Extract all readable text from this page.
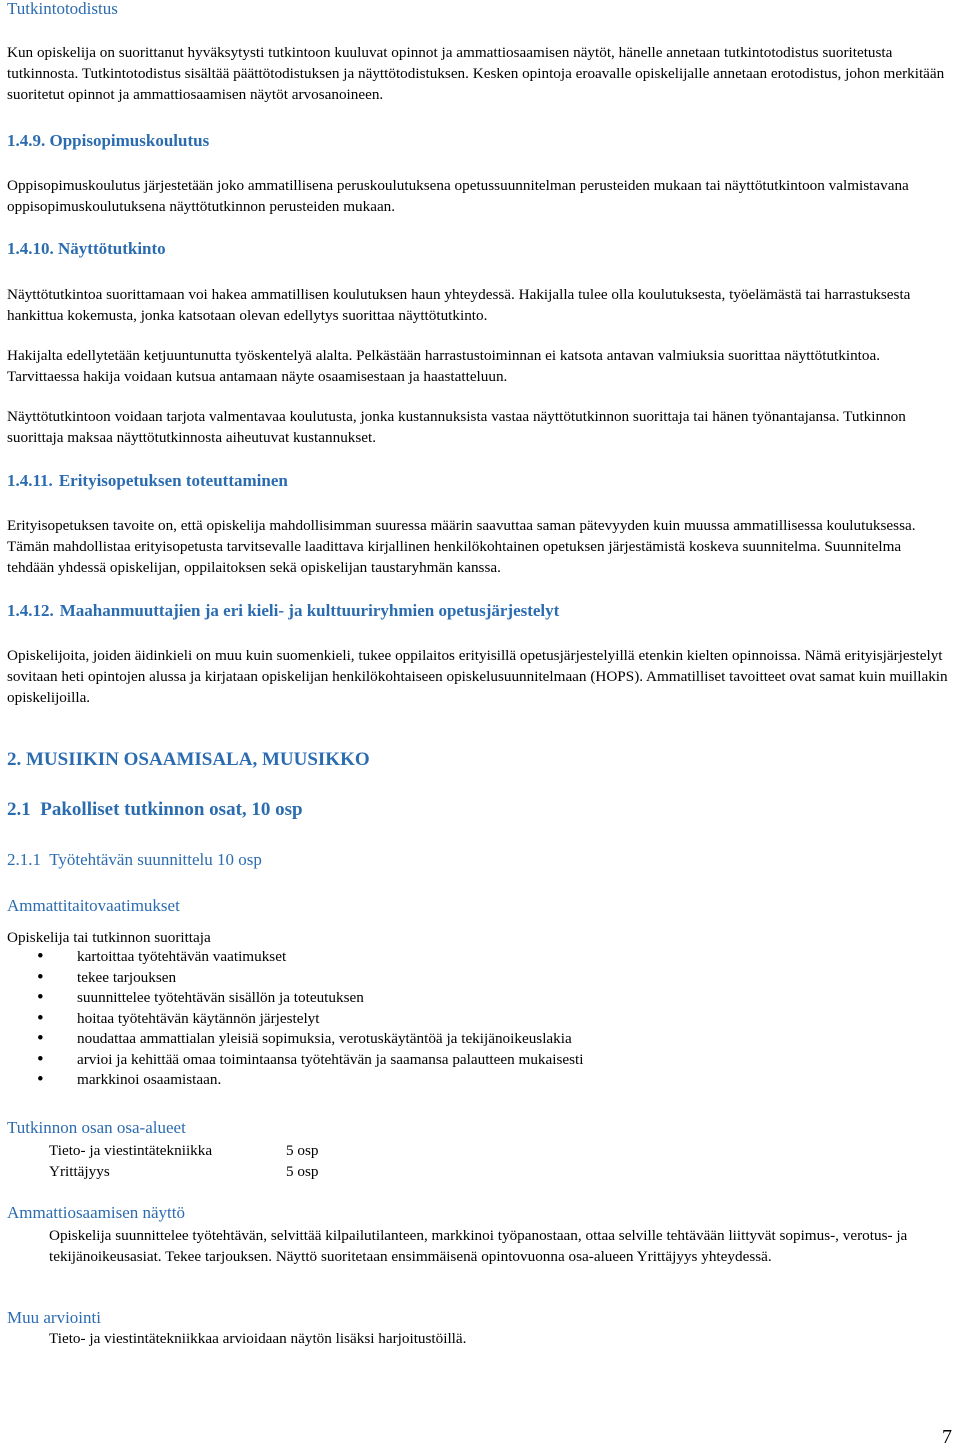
Tutkintotodistus

Kun opiskelija on suorittanut hyväksytysti tutkintoon kuuluvat opinnot ja ammattiosaamisen näytöt, hänelle annetaan tutkintotodistus suoritetusta tutkinnosta. Tutkintotodistus sisältää päättötodistuksen ja näyttötodistuksen. Kesken opintoja eroavalle opiskelijalle annetaan erotodistus, johon merkitään suoritetut opinnot ja ammattiosaamisen näytöt arvosanoineen.

1.4.9. Oppisopimuskoulutus

Oppisopimuskoulutus järjestetään joko ammatillisena peruskoulutuksena opetussuunnitelman perusteiden mukaan tai näyttötutkintoon valmistavana oppisopimuskoulutuksena näyttötutkinnon perusteiden mukaan.

1.4.10. Näyttötutkinto

Näyttötutkintoa suorittamaan voi hakea ammatillisen koulutuksen haun yhteydessä. Hakijalla tulee olla koulutuksesta, työelämästä tai harrastuksesta hankittua kokemusta, jonka katsotaan olevan edellytys suorittaa näyttötutkinto.

Hakijalta edellytetään ketjuuntunutta työskentelyä alalta. Pelkästään harrastustoiminnan ei katsota antavan valmiuksia suorittaa näyttötutkintoa. Tarvittaessa hakija voidaan kutsua antamaan näyte osaamisestaan ja haastatteluun.

Näyttötutkintoon voidaan tarjota valmentavaa koulutusta, jonka kustannuksista vastaa näyttötutkinnon suorittaja tai hänen työnantajansa. Tutkinnon suorittaja maksaa näyttötutkinnosta aiheutuvat kustannukset.

1.4.11. Erityisopetuksen toteuttaminen

Erityisopetuksen tavoite on, että opiskelija mahdollisimman suuressa määrin saavuttaa saman pätevyyden kuin muussa ammatillisessa koulutuksessa. Tämän mahdollistaa erityisopetusta tarvitsevalle laadittava kirjallinen henkilökohtainen opetuksen järjestämistä koskeva suunnitelma. Suunnitelma tehdään yhdessä opiskelijan, oppilaitoksen sekä opiskelijan taustaryhmän kanssa.

1.4.12. Maahanmuuttajien ja eri kieli- ja kulttuuriryhmien opetusjärjestelyt

Opiskelijoita, joiden äidinkieli on muu kuin suomenkieli, tukee oppilaitos erityisillä opetusjärjestelyillä etenkin kielten opinnoissa. Nämä erityisjärjestelyt sovitaan heti opintojen alussa ja kirjataan opiskelijan henkilökohtaiseen opiskelusuunnitelmaan (HOPS). Ammatilliset tavoitteet ovat samat kuin muillakin opiskelijoilla.

2. MUSIIKIN OSAAMISALA, MUUSIKKO
2.1  Pakolliset tutkinnon osat, 10 osp
2.1.1  Työtehtävän suunnittelu 10 osp
Ammattitaitovaatimukset

Opiskelija tai tutkinnon suorittaja

• kartoittaa työtehtävän vaatimukset
• tekee tarjouksen
• suunnittelee työtehtävän sisällön ja toteutuksen
• hoitaa työtehtävän käytännön järjestelyt
• noudattaa ammattialan yleisiä sopimuksia, verotuskäytäntöä ja tekijänoikeuslakia
• arvioi ja kehittää omaa toimintaansa työtehtävän ja saamansa palautteen mukaisesti
• markkinoi osaamistaan.
Tutkinnon osan osa-alueet
Tieto- ja viestintätekniikka	5 osp
Yrittäjyys	5 osp
Ammattiosaamisen näyttö

Opiskelija suunnittelee työtehtävän, selvittää kilpailutilanteen, markkinoi työpanostaan, ottaa selville tehtävään liittyvät sopimus-, verotus- ja tekijänoikeusasiat. Tekee tarjouksen. Näyttö suoritetaan ensimmäisenä opintovuonna osa-alueen Yrittäjyys yhteydessä.

Muu arviointi

Tieto- ja viestintätekniikkaa arvioidaan näytön lisäksi harjoitustöillä.

7
